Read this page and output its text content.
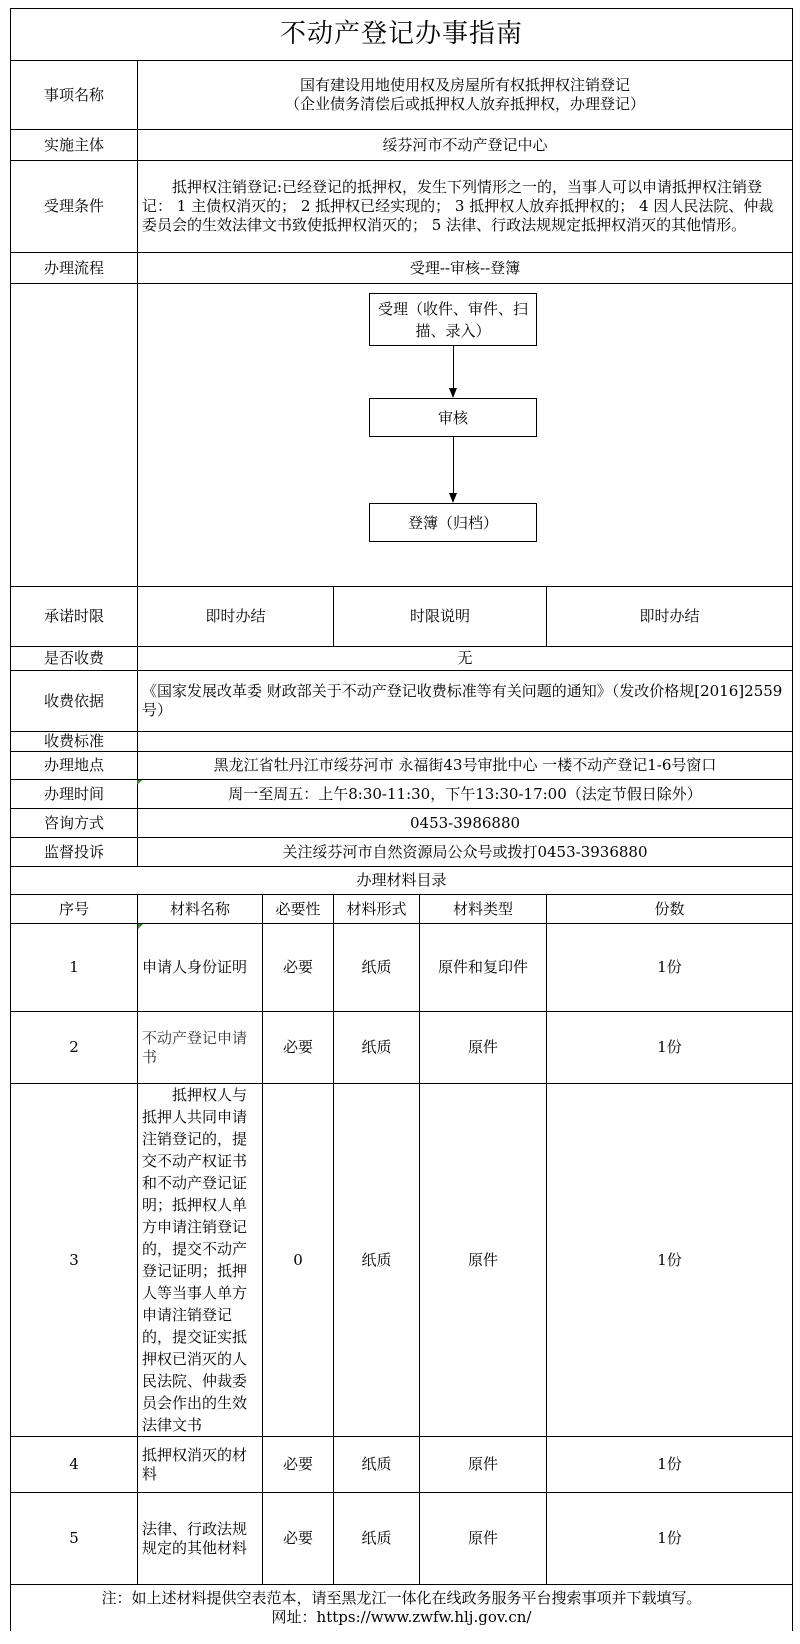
不动产登记办事指南					
事项名称	国有建设用地使用权及房屋所有权抵押权注销登记
（企业债务清偿后或抵押权人放弃抵押权，办理登记）				

实施主体	绥芬河市不动产登记中心				
受理条件	抵押权注销登记:已经登记的抵押权，发生下列情形之一的，当事人可以申请抵押权注销登记： 1 主债权消灭的； 2 抵押权已经实现的； 3 抵押权人放弃抵押权的； 4 因人民法院、仲裁委员会的生效法律文书致使抵押权消灭的； 5 法律、行政法规规定抵押权消灭的其他情形。				
办理流程	受理--审核--登簿				

受理（收件、审件、扫描、录入）
审核
登簿（归档）				

承诺时限	即时办结		时限说明		即时办结
是否收费	无				
收费依据	《国家发展改革委 财政部关于不动产登记收费标准等有关问题的通知》（发改价格规[2016]2559号）				
收费标准					
办理地点	黑龙江省牡丹江市绥芬河市 永福街43号审批中心 一楼不动产登记1-6号窗口				

办理时间	周一至周五：上午8:30-11:30，下午13:30-17:00（法定节假日除外）				
咨询方式	0453-3986880				
监督投诉	关注绥芬河市自然资源局公众号或拨打0453-3936880				
办理材料目录					
序号	材料名称	必要性	材料形式	材料类型	份数
1	申请人身份证明	必要	纸质	原件和复印件	1份
2	不动产登记申请书	必要	纸质	原件	1份
3	抵押权人与抵押人共同申请注销登记的，提交不动产权证书和不动产登记证明；抵押权人单方申请注销登记的，提交不动产登记证明；抵押人等当事人单方申请注销登记的，提交证实抵押权已消灭的人民法院、仲裁委员会作出的生效法律文书	0	纸质	原件	1份
4	抵押权消灭的材料	必要	纸质	原件	1份
5	法律、行政法规规定的其他材料	必要	纸质	原件	1份

注：如上述材料提供空表范本，请至黑龙江一体化在线政务服务平台搜索事项并下载填写。
网址：https://www.zwfw.hlj.gov.cn/					
